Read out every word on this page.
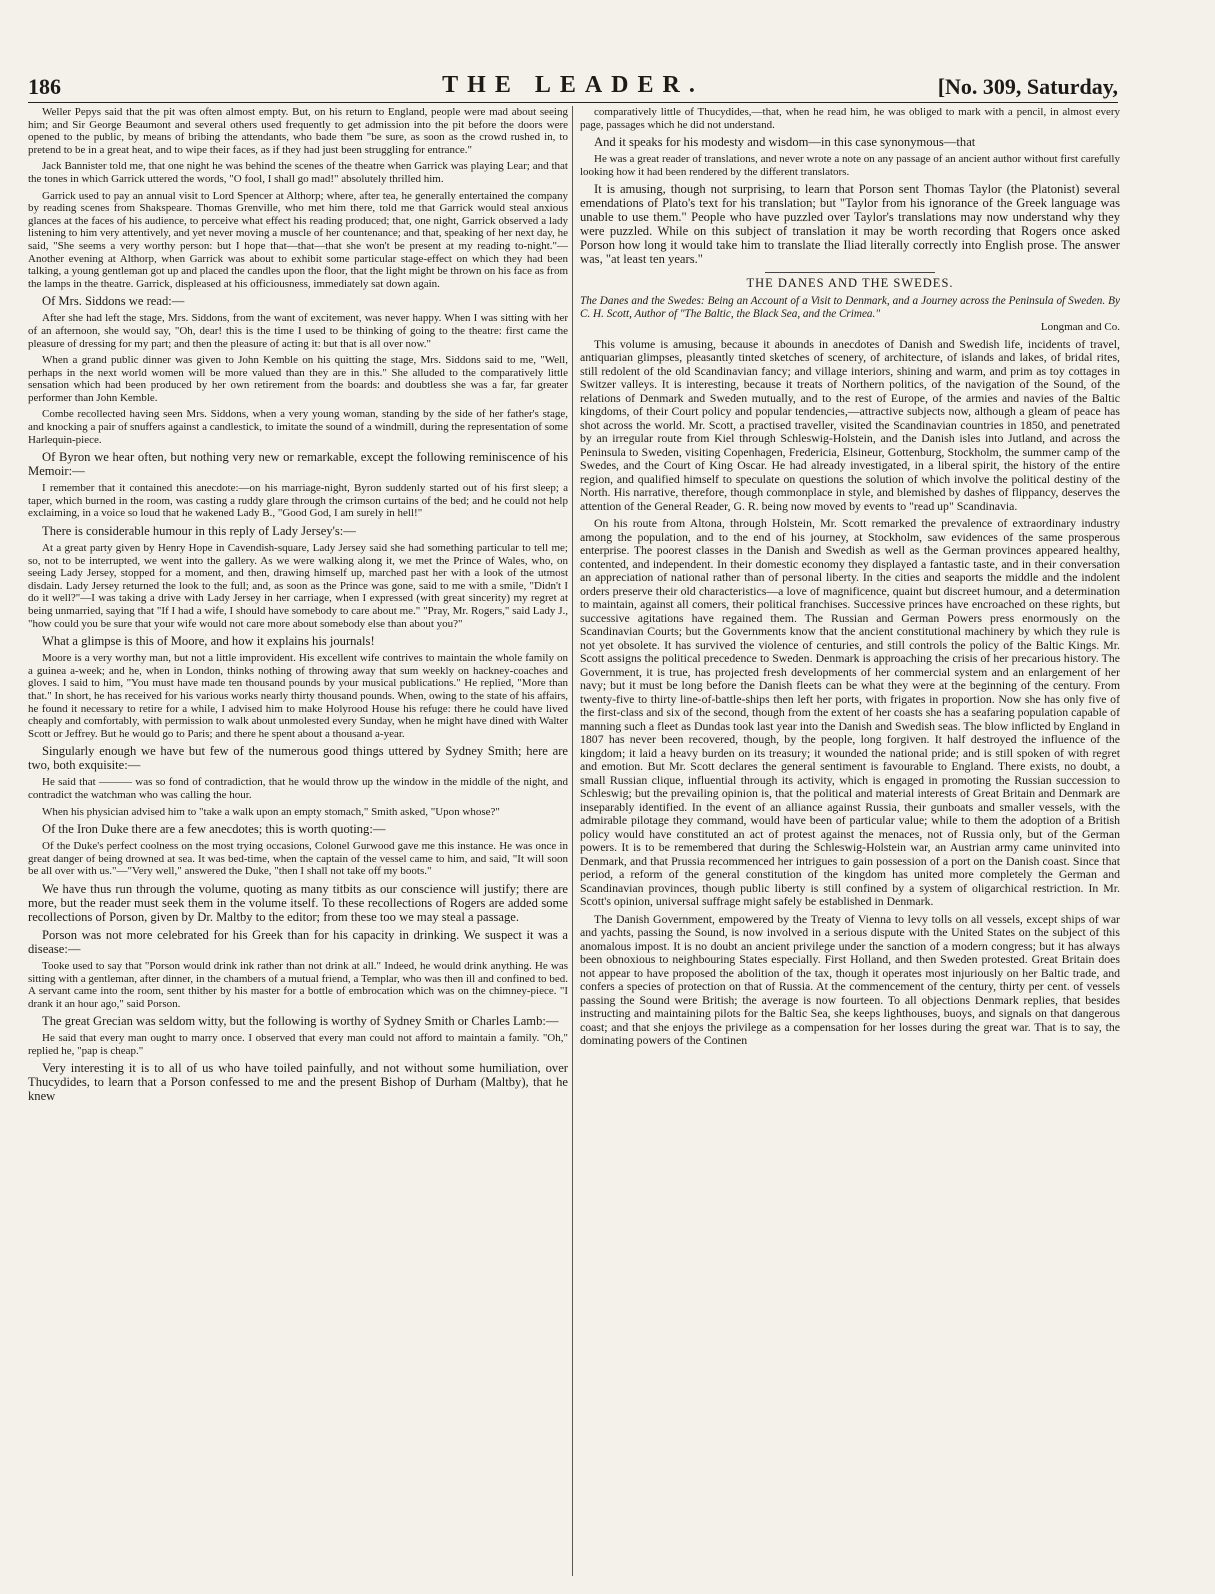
186	THE LEADER.	[No. 309, Saturday,

Weller Pepys said that the pit was often almost empty. But, on his return to England, people were mad about seeing him; and Sir George Beaumont and several others used frequently to get admission into the pit before the doors were opened to the public, by means of bribing the attendants, who bade them "be sure, as soon as the crowd rushed in, to pretend to be in a great heat, and to wipe their faces, as if they had just been struggling for entrance."

Jack Bannister told me, that one night he was behind the scenes of the theatre when Garrick was playing Lear; and that the tones in which Garrick uttered the words, "O fool, I shall go mad!" absolutely thrilled him.

Garrick used to pay an annual visit to Lord Spencer at Althorp; where, after tea, he generally entertained the company by reading scenes from Shakspeare. Thomas Grenville, who met him there, told me that Garrick would steal anxious glances at the faces of his audience, to perceive what effect his reading produced; that, one night, Garrick observed a lady listening to him very attentively, and yet never moving a muscle of her countenance; and that, speaking of her next day, he said, "She seems a very worthy person: but I hope that—that—that she won't be present at my reading to-night."—Another evening at Althorp, when Garrick was about to exhibit some particular stage-effect on which they had been talking, a young gentleman got up and placed the candles upon the floor, that the light might be thrown on his face as from the lamps in the theatre. Garrick, displeased at his officiousness, immediately sat down again.

Of Mrs. Siddons we read:—

After she had left the stage, Mrs. Siddons, from the want of excitement, was never happy. When I was sitting with her of an afternoon, she would say, "Oh, dear! this is the time I used to be thinking of going to the theatre: first came the pleasure of dressing for my part; and then the pleasure of acting it: but that is all over now."

When a grand public dinner was given to John Kemble on his quitting the stage, Mrs. Siddons said to me, "Well, perhaps in the next world women will be more valued than they are in this." She alluded to the comparatively little sensation which had been produced by her own retirement from the boards: and doubtless she was a far, far greater performer than John Kemble.

Combe recollected having seen Mrs. Siddons, when a very young woman, standing by the side of her father's stage, and knocking a pair of snuffers against a candlestick, to imitate the sound of a windmill, during the representation of some Harlequin-piece.

Of Byron we hear often, but nothing very new or remarkable, except the following reminiscence of his Memoir:—

I remember that it contained this anecdote:—on his marriage-night, Byron suddenly started out of his first sleep; a taper, which burned in the room, was casting a ruddy glare through the crimson curtains of the bed; and he could not help exclaiming, in a voice so loud that he wakened Lady B., "Good God, I am surely in hell!"

There is considerable humour in this reply of Lady Jersey's:—

At a great party given by Henry Hope in Cavendish-square, Lady Jersey said she had something particular to tell me; so, not to be interrupted, we went into the gallery. As we were walking along it, we met the Prince of Wales, who, on seeing Lady Jersey, stopped for a moment, and then, drawing himself up, marched past her with a look of the utmost disdain. Lady Jersey returned the look to the full; and, as soon as the Prince was gone, said to me with a smile, "Didn't I do it well?"—I was taking a drive with Lady Jersey in her carriage, when I expressed (with great sincerity) my regret at being unmarried, saying that "If I had a wife, I should have somebody to care about me." "Pray, Mr. Rogers," said Lady J., "how could you be sure that your wife would not care more about somebody else than about you?"

What a glimpse is this of Moore, and how it explains his journals!

Moore is a very worthy man, but not a little improvident. His excellent wife contrives to maintain the whole family on a guinea a-week; and he, when in London, thinks nothing of throwing away that sum weekly on hackney-coaches and gloves. I said to him, "You must have made ten thousand pounds by your musical publications." He replied, "More than that." In short, he has received for his various works nearly thirty thousand pounds. When, owing to the state of his affairs, he found it necessary to retire for a while, I advised him to make Holyrood House his refuge: there he could have lived cheaply and comfortably, with permission to walk about unmolested every Sunday, when he might have dined with Walter Scott or Jeffrey. But he would go to Paris; and there he spent about a thousand a-year.

Singularly enough we have but few of the numerous good things uttered by Sydney Smith; here are two, both exquisite:—

He said that ——— was so fond of contradiction, that he would throw up the window in the middle of the night, and contradict the watchman who was calling the hour.

When his physician advised him to "take a walk upon an empty stomach," Smith asked, "Upon whose?"

Of the Iron Duke there are a few anecdotes; this is worth quoting:—

Of the Duke's perfect coolness on the most trying occasions, Colonel Gurwood gave me this instance. He was once in great danger of being drowned at sea. It was bed-time, when the captain of the vessel came to him, and said, "It will soon be all over with us."—"Very well," answered the Duke, "then I shall not take off my boots."

We have thus run through the volume, quoting as many titbits as our conscience will justify; there are more, but the reader must seek them in the volume itself. To these recollections of Rogers are added some recollections of Porson, given by Dr. Maltby to the editor; from these too we may steal a passage.

Porson was not more celebrated for his Greek than for his capacity in drinking. We suspect it was a disease:—

Tooke used to say that "Porson would drink ink rather than not drink at all." Indeed, he would drink anything. He was sitting with a gentleman, after dinner, in the chambers of a mutual friend, a Templar, who was then ill and confined to bed. A servant came into the room, sent thither by his master for a bottle of embrocation which was on the chimney-piece. "I drank it an hour ago," said Porson.

The great Grecian was seldom witty, but the following is worthy of Sydney Smith or Charles Lamb:—

He said that every man ought to marry once. I observed that every man could not afford to maintain a family. "Oh," replied he, "pap is cheap."

Very interesting it is to all of us who have toiled painfully, and not without some humiliation, over Thucydides, to learn that a Porson confessed to me and the present Bishop of Durham (Maltby), that he knew

comparatively little of Thucydides,—that, when he read him, he was obliged to mark with a pencil, in almost every page, passages which he did not understand.

And it speaks for his modesty and wisdom—in this case synonymous—that

He was a great reader of translations, and never wrote a note on any passage of an ancient author without first carefully looking how it had been rendered by the different translators.

It is amusing, though not surprising, to learn that Porson sent Thomas Taylor (the Platonist) several emendations of Plato's text for his translation; but "Taylor from his ignorance of the Greek language was unable to use them." People who have puzzled over Taylor's translations may now understand why they were puzzled. While on this subject of translation it may be worth recording that Rogers once asked Porson how long it would take him to translate the Iliad literally correctly into English prose. The answer was, "at least ten years."

THE DANES AND THE SWEDES.

The Danes and the Swedes: Being an Account of a Visit to Denmark, and a Journey across the Peninsula of Sweden. By C. H. Scott, Author of "The Baltic, the Black Sea, and the Crimea."

Longman and Co.

This volume is amusing, because it abounds in anecdotes of Danish and Swedish life, incidents of travel, antiquarian glimpses, pleasantly tinted sketches of scenery, of architecture, of islands and lakes, of bridal rites, still redolent of the old Scandinavian fancy; and village interiors, shining and warm, and prim as toy cottages in Switzer valleys. It is interesting, because it treats of Northern politics, of the navigation of the Sound, of the relations of Denmark and Sweden mutually, and to the rest of Europe, of the armies and navies of the Baltic kingdoms, of their Court policy and popular tendencies,—attractive subjects now, although a gleam of peace has shot across the world. Mr. Scott, a practised traveller, visited the Scandinavian countries in 1850, and penetrated by an irregular route from Kiel through Schleswig-Holstein, and the Danish isles into Jutland, and across the Peninsula to Sweden, visiting Copenhagen, Fredericia, Elsineur, Gottenburg, Stockholm, the summer camp of the Swedes, and the Court of King Oscar. He had already investigated, in a liberal spirit, the history of the entire region, and qualified himself to speculate on questions the solution of which involve the political destiny of the North. His narrative, therefore, though commonplace in style, and blemished by dashes of flippancy, deserves the attention of the General Reader, G. R. being now moved by events to "read up" Scandinavia.

On his route from Altona, through Holstein, Mr. Scott remarked the prevalence of extraordinary industry among the population, and to the end of his journey, at Stockholm, saw evidences of the same prosperous enterprise. The poorest classes in the Danish and Swedish as well as the German provinces appeared healthy, contented, and independent. In their domestic economy they displayed a fantastic taste, and in their conversation an appreciation of national rather than of personal liberty. In the cities and seaports the middle and the indolent orders preserve their old characteristics—a love of magnificence, quaint but discreet humour, and a determination to maintain, against all comers, their political franchises. Successive princes have encroached on these rights, but successive agitations have regained them. The Russian and German Powers press enormously on the Scandinavian Courts; but the Governments know that the ancient constitutional machinery by which they rule is not yet obsolete. It has survived the violence of centuries, and still controls the policy of the Baltic Kings. Mr. Scott assigns the political precedence to Sweden. Denmark is approaching the crisis of her precarious history. The Government, it is true, has projected fresh developments of her commercial system and an enlargement of her navy; but it must be long before the Danish fleets can be what they were at the beginning of the century. From twenty-five to thirty line-of-battle-ships then left her ports, with frigates in proportion. Now she has only five of the first-class and six of the second, though from the extent of her coasts she has a seafaring population capable of manning such a fleet as Dundas took last year into the Danish and Swedish seas. The blow inflicted by England in 1807 has never been recovered, though, by the people, long forgiven. It half destroyed the influence of the kingdom; it laid a heavy burden on its treasury; it wounded the national pride; and is still spoken of with regret and emotion. But Mr. Scott declares the general sentiment is favourable to England. There exists, no doubt, a small Russian clique, influential through its activity, which is engaged in promoting the Russian succession to Schleswig; but the prevailing opinion is, that the political and material interests of Great Britain and Denmark are inseparably identified. In the event of an alliance against Russia, their gunboats and smaller vessels, with the admirable pilotage they command, would have been of particular value; while to them the adoption of a British policy would have constituted an act of protest against the menaces, not of Russia only, but of the German powers. It is to be remembered that during the Schleswig-Holstein war, an Austrian army came uninvited into Denmark, and that Prussia recommenced her intrigues to gain possession of a port on the Danish coast. Since that period, a reform of the general constitution of the kingdom has united more completely the German and Scandinavian provinces, though public liberty is still confined by a system of oligarchical restriction. In Mr. Scott's opinion, universal suffrage might safely be established in Denmark.

The Danish Government, empowered by the Treaty of Vienna to levy tolls on all vessels, except ships of war and yachts, passing the Sound, is now involved in a serious dispute with the United States on the subject of this anomalous impost. It is no doubt an ancient privilege under the sanction of a modern congress; but it has always been obnoxious to neighbouring States especially. First Holland, and then Sweden protested. Great Britain does not appear to have proposed the abolition of the tax, though it operates most injuriously on her Baltic trade, and confers a species of protection on that of Russia. At the commencement of the century, thirty per cent. of vessels passing the Sound were British; the average is now fourteen. To all objections Denmark replies, that besides instructing and maintaining pilots for the Baltic Sea, she keeps lighthouses, buoys, and signals on that dangerous coast; and that she enjoys the privilege as a compensation for her losses during the great war. That is to say, the dominating powers of the Continen
